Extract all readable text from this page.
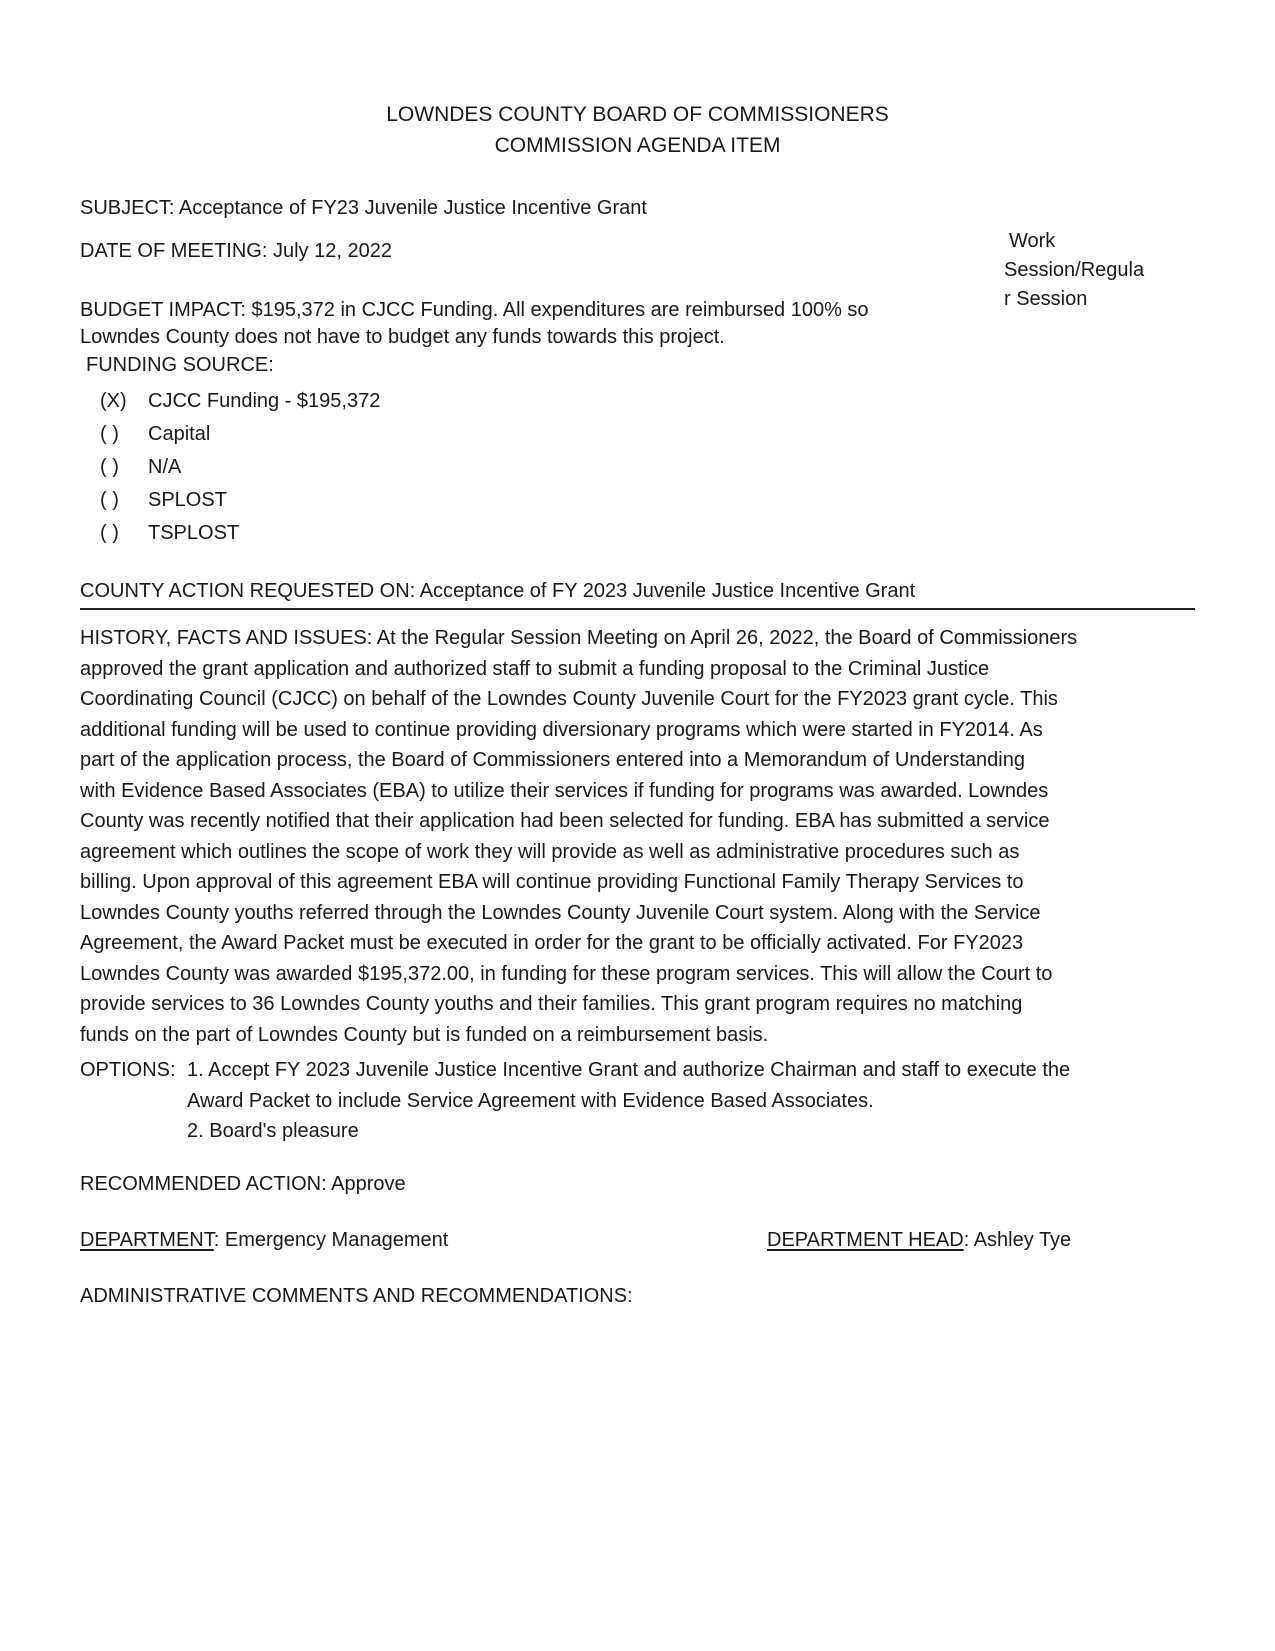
LOWNDES COUNTY BOARD OF COMMISSIONERS
COMMISSION AGENDA ITEM
SUBJECT: Acceptance of FY23 Juvenile Justice Incentive Grant
DATE OF MEETING: July 12, 2022	Work
Session/Regula
r Session
BUDGET IMPACT: $195,372 in CJCC Funding. All expenditures are reimbursed 100% so
Lowndes County does not have to budget any funds towards this project.
FUNDING SOURCE:
(X) CJCC Funding - $195,372
( ) Capital
( ) N/A
( ) SPLOST
( ) TSPLOST
COUNTY ACTION REQUESTED ON: Acceptance of FY 2023 Juvenile Justice Incentive Grant
HISTORY, FACTS AND ISSUES: At the Regular Session Meeting on April 26, 2022, the Board of Commissioners
approved the grant application and authorized staff to submit a funding proposal to the Criminal Justice
Coordinating Council (CJCC) on behalf of the Lowndes County Juvenile Court for the FY2023 grant cycle. This
additional funding will be used to continue providing diversionary programs which were started in FY2014. As
part of the application process, the Board of Commissioners entered into a Memorandum of Understanding
with Evidence Based Associates (EBA) to utilize their services if funding for programs was awarded. Lowndes
County was recently notified that their application had been selected for funding. EBA has submitted a service
agreement which outlines the scope of work they will provide as well as administrative procedures such as
billing. Upon approval of this agreement EBA will continue providing Functional Family Therapy Services to
Lowndes County youths referred through the Lowndes County Juvenile Court system. Along with the Service
Agreement, the Award Packet must be executed in order for the grant to be officially activated. For FY2023
Lowndes County was awarded $195,372.00, in funding for these program services. This will allow the Court to
provide services to 36 Lowndes County youths and their families. This grant program requires no matching
funds on the part of Lowndes County but is funded on a reimbursement basis.
OPTIONS: 1. Accept FY 2023 Juvenile Justice Incentive Grant and authorize Chairman and staff to execute the
Award Packet to include Service Agreement with Evidence Based Associates.
2. Board's pleasure
RECOMMENDED ACTION: Approve
DEPARTMENT: Emergency Management	DEPARTMENT HEAD: Ashley Tye
ADMINISTRATIVE COMMENTS AND RECOMMENDATIONS:
